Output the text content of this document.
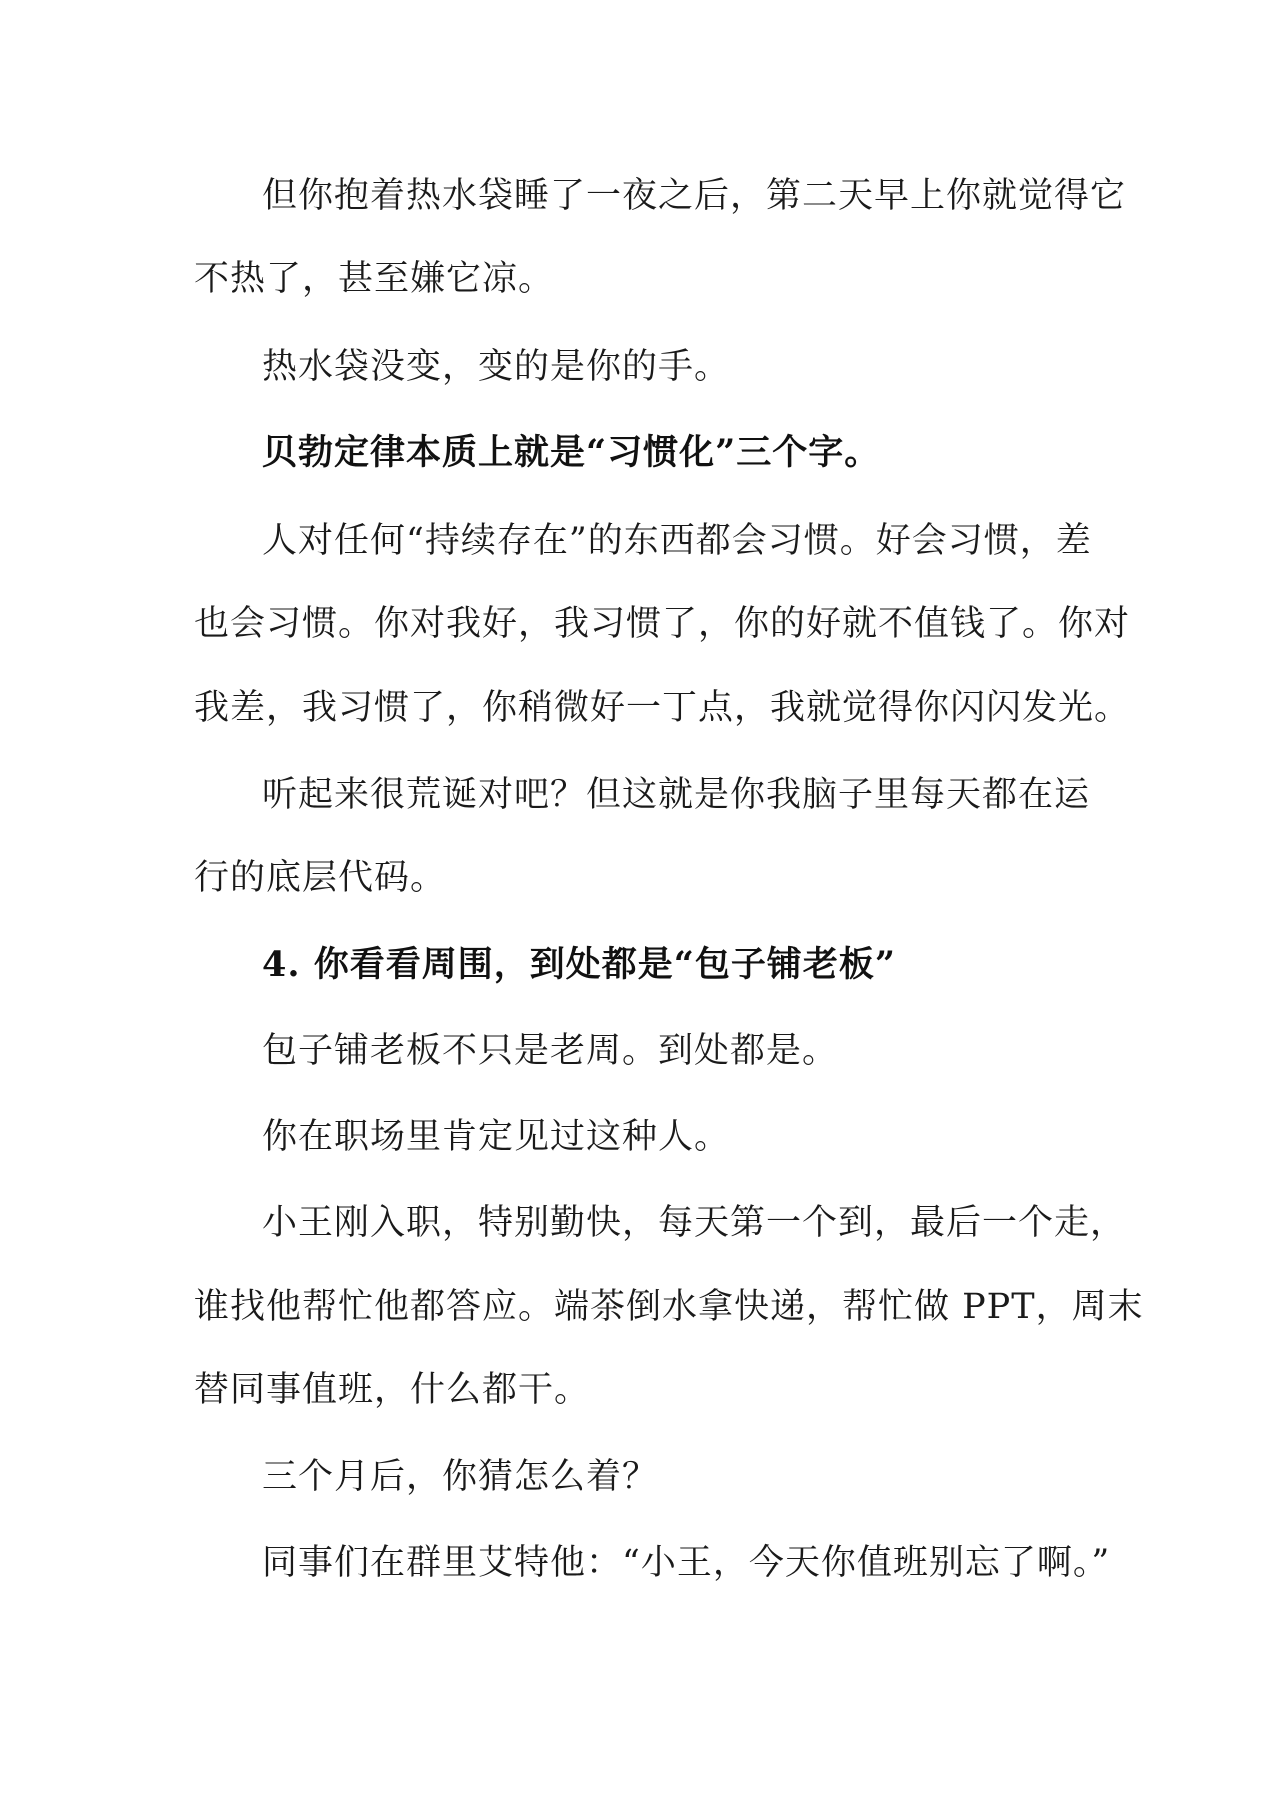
但你抱着热水袋睡了一夜之后，第二天早上你就觉得它
不热了，甚至嫌它凉。
热水袋没变，变的是你的手。
贝勃定律本质上就是“习惯化”三个字。
人对任何“持续存在”的东西都会习惯。好会习惯，差
也会习惯。你对我好，我习惯了，你的好就不值钱了。你对
我差，我习惯了，你稍微好一丁点，我就觉得你闪闪发光。
听起来很荒诞对吧？但这就是你我脑子里每天都在运
行的底层代码。
4. 你看看周围，到处都是“包子铺老板”
包子铺老板不只是老周。到处都是。
你在职场里肯定见过这种人。
小王刚入职，特别勤快，每天第一个到，最后一个走，
谁找他帮忙他都答应。端茶倒水拿快递，帮忙做 PPT，周末
替同事值班，什么都干。
三个月后，你猜怎么着？
同事们在群里艾特他：“小王，今天你值班别忘了啊。”
